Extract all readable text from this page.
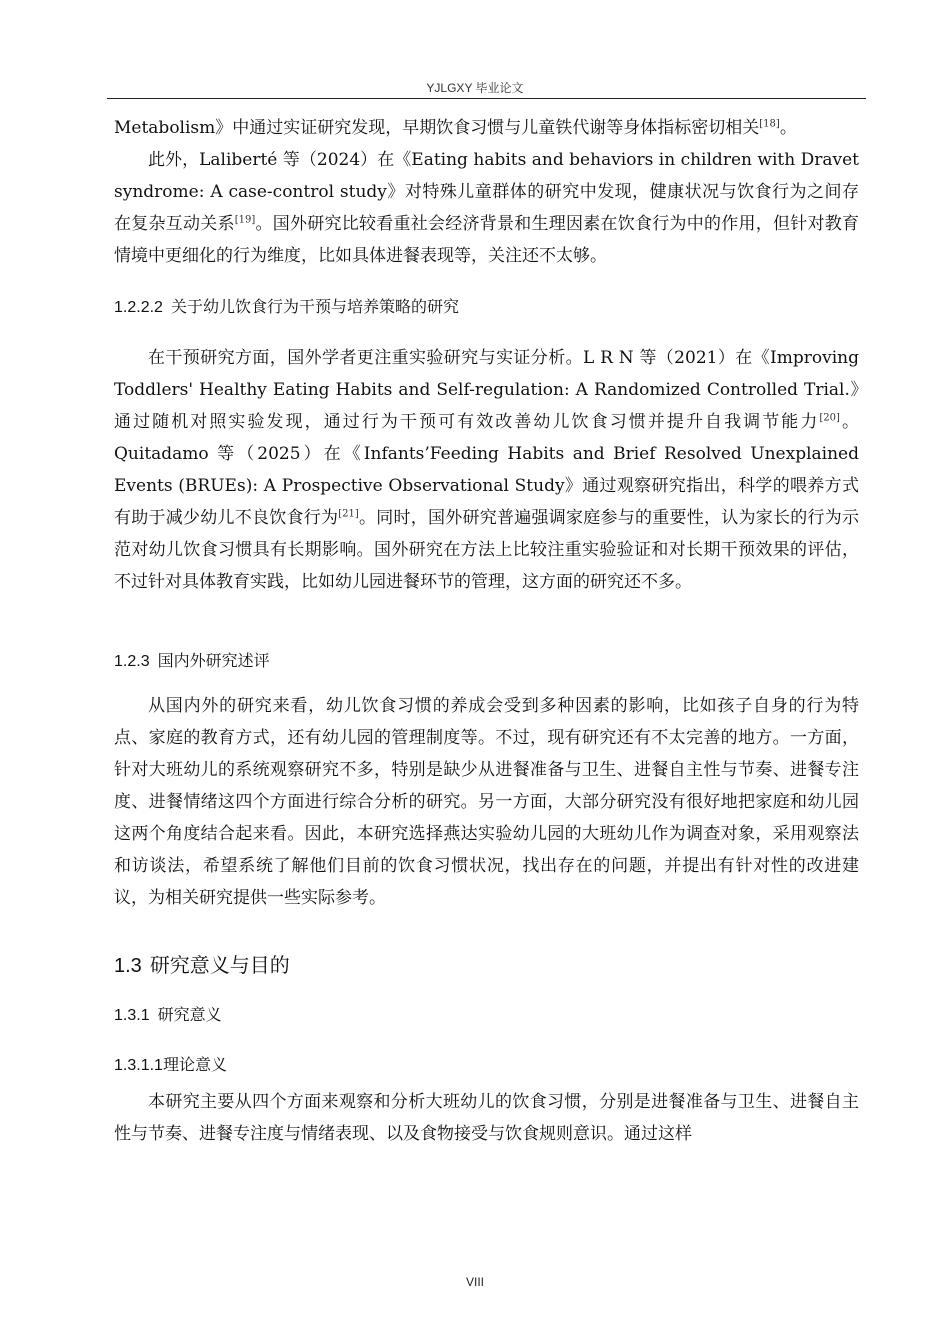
YJLGXY 毕业论文

Metabolism》中通过实证研究发现，早期饮食习惯与儿童铁代谢等身体指标密切相关[18]。

此外，Laliberté 等（2024）在《Eating habits and behaviors in children with Dravet syndrome: A case-control study》对特殊儿童群体的研究中发现，健康状况与饮食行为之间存在复杂互动关系[19]。国外研究比较看重社会经济背景和生理因素在饮食行为中的作用，但针对教育情境中更细化的行为维度，比如具体进餐表现等，关注还不太够。

1.2.2.2 关于幼儿饮食行为干预与培养策略的研究

在干预研究方面，国外学者更注重实验研究与实证分析。L R N 等（2021）在《Improving Toddlers' Healthy Eating Habits and Self-regulation: A Randomized Controlled Trial.》通过随机对照实验发现，通过行为干预可有效改善幼儿饮食习惯并提升自我调节能力[20]。Quitadamo 等（2025）在《Infants’Feeding Habits and Brief Resolved Unexplained Events (BRUEs): A Prospective Observational Study》通过观察研究指出，科学的喂养方式有助于减少幼儿不良饮食行为[21]。同时，国外研究普遍强调家庭参与的重要性，认为家长的行为示范对幼儿饮食习惯具有长期影响。国外研究在方法上比较注重实验验证和对长期干预效果的评估，不过针对具体教育实践，比如幼儿园进餐环节的管理，这方面的研究还不多。

1.2.3 国内外研究述评

从国内外的研究来看，幼儿饮食习惯的养成会受到多种因素的影响，比如孩子自身的行为特点、家庭的教育方式，还有幼儿园的管理制度等。不过，现有研究还有不太完善的地方。一方面，针对大班幼儿的系统观察研究不多，特别是缺少从进餐准备与卫生、进餐自主性与节奏、进餐专注度、进餐情绪这四个方面进行综合分析的研究。另一方面，大部分研究没有很好地把家庭和幼儿园这两个角度结合起来看。因此，本研究选择燕达实验幼儿园的大班幼儿作为调查对象，采用观察法和访谈法，希望系统了解他们目前的饮食习惯状况，找出存在的问题，并提出有针对性的改进建议，为相关研究提供一些实际参考。

1.3 研究意义与目的
1.3.1 研究意义
1.3.1.1理论意义

本研究主要从四个方面来观察和分析大班幼儿的饮食习惯，分别是进餐准备与卫生、进餐自主性与节奏、进餐专注度与情绪表现、以及食物接受与饮食规则意识。通过这样

VIII
